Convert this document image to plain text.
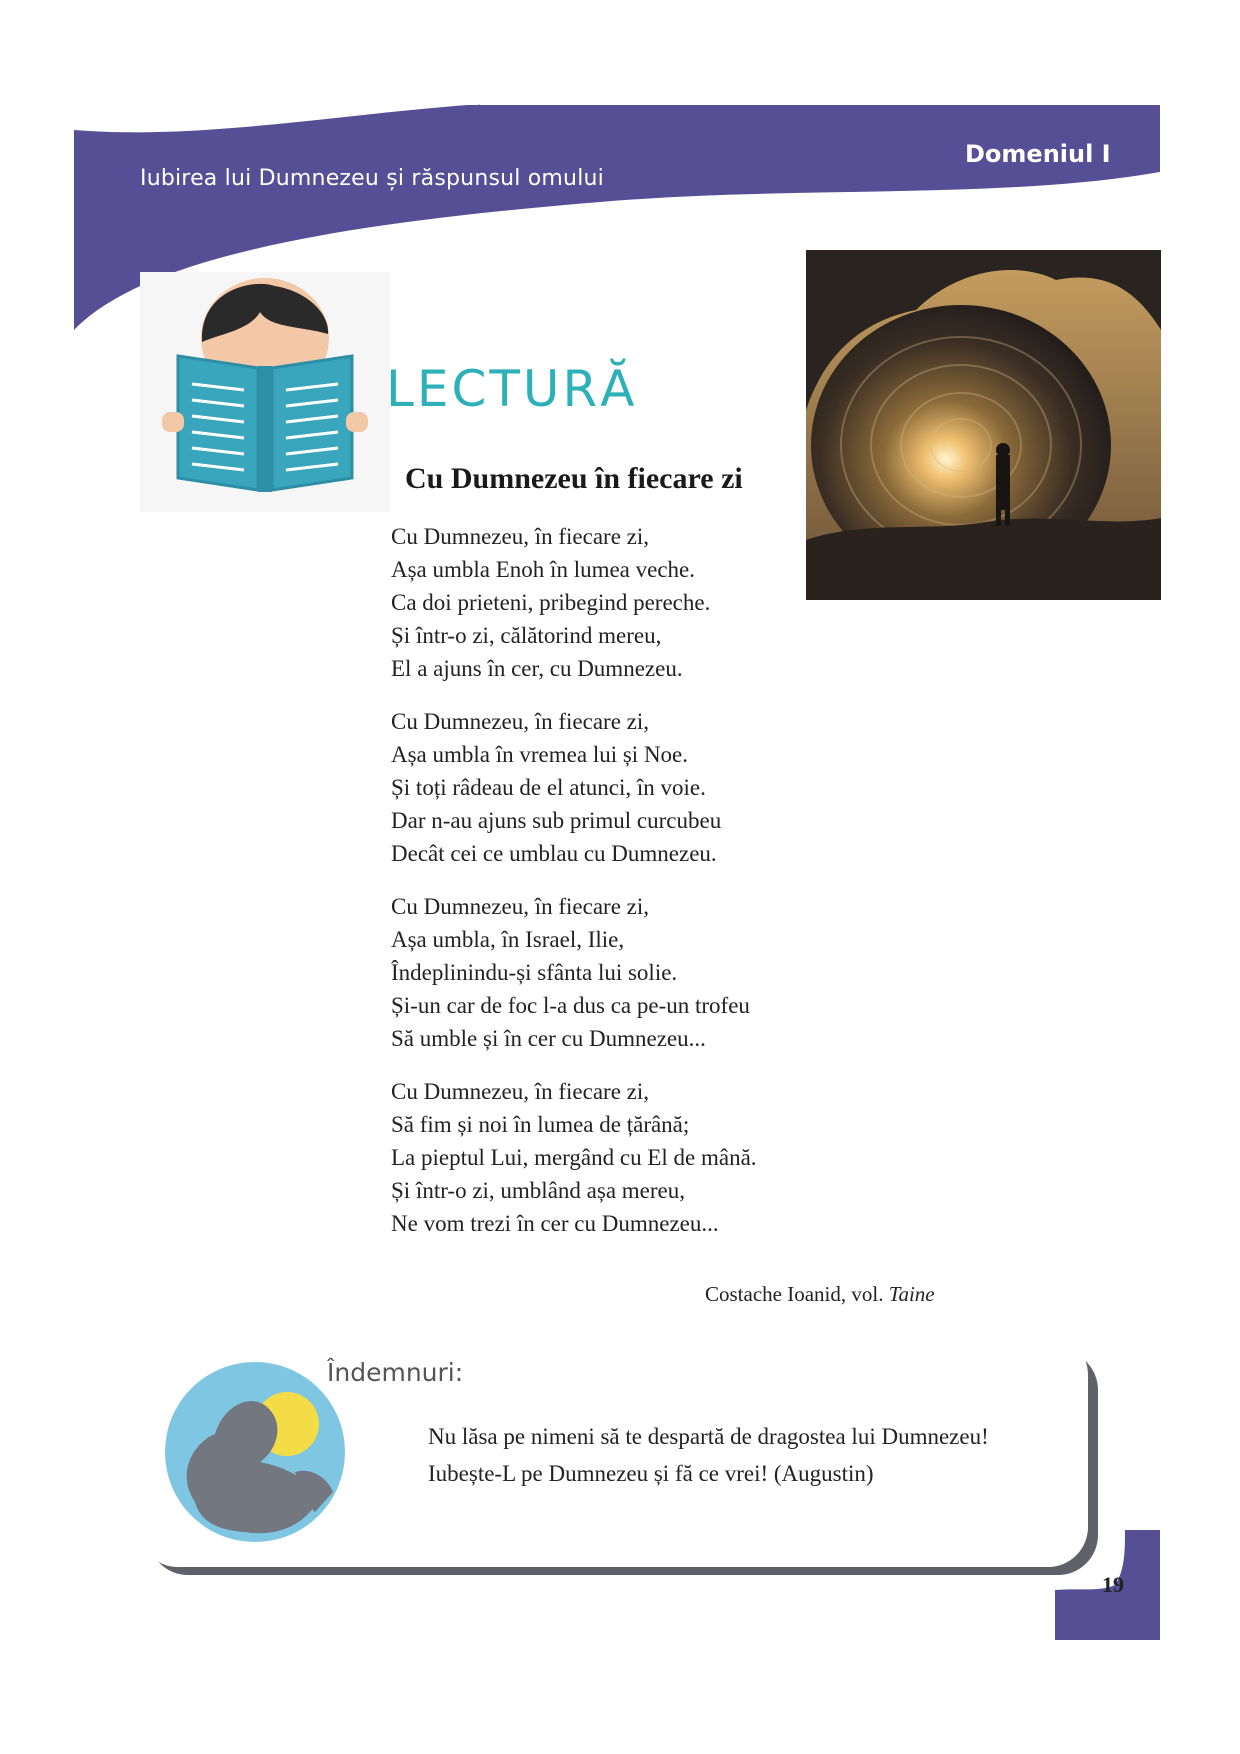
Iubirea lui Dumnezeu și răspunsul omului
Domeniul I
LECTURĂ
Cu Dumnezeu în fiecare zi
Cu Dumnezeu, în fiecare zi,
Așa umbla Enoh în lumea veche.
Ca doi prieteni, pribegind pereche.
Și într-o zi, călătorind mereu,
El a ajuns în cer, cu Dumnezeu.
Cu Dumnezeu, în fiecare zi,
Așa umbla în vremea lui și Noe.
Și toți râdeau de el atunci, în voie.
Dar n-au ajuns sub primul curcubeu
Decât cei ce umblau cu Dumnezeu.
Cu Dumnezeu, în fiecare zi,
Așa umbla, în Israel, Ilie,
Îndeplinindu-și sfânta lui solie.
Și-un car de foc l-a dus ca pe-un trofeu
Să umble și în cer cu Dumnezeu...
Cu Dumnezeu, în fiecare zi,
Să fim și noi în lumea de țărână;
La pieptul Lui, mergând cu El de mână.
Și într-o zi, umblând așa mereu,
Ne vom trezi în cer cu Dumnezeu...
Costache Ioanid, vol. Taine
Îndemnuri:
Nu lăsa pe nimeni să te despartă de dragostea lui Dumnezeu!
Iubește-L pe Dumnezeu și fă ce vrei! (Augustin)
19
